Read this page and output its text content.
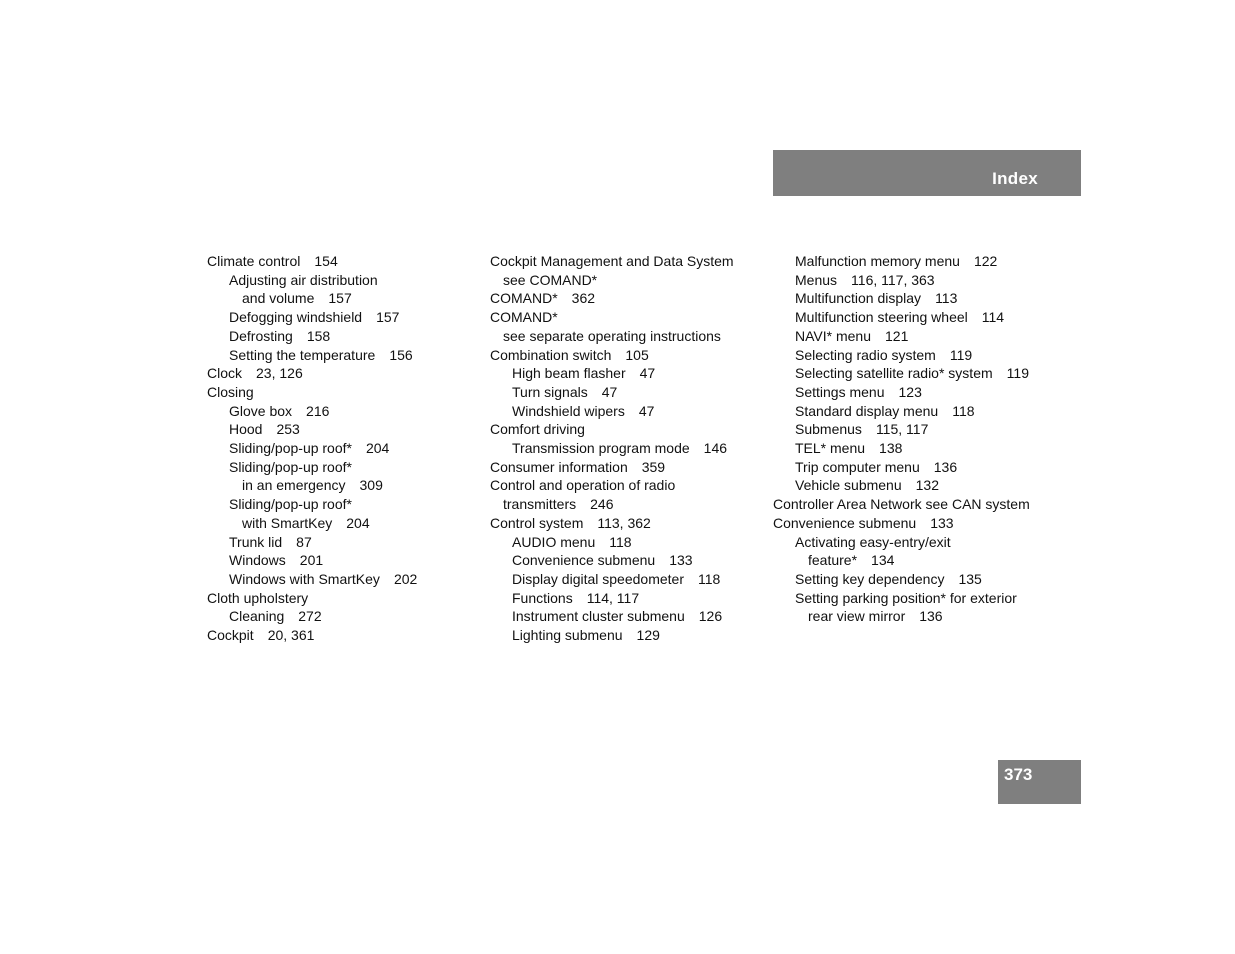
Index
Climate control 154
Adjusting air distribution
and volume 157
Defogging windshield 157
Defrosting 158
Setting the temperature 156
Clock 23, 126
Closing
Glove box 216
Hood 253
Sliding/pop-up roof* 204
Sliding/pop-up roof*
in an emergency 309
Sliding/pop-up roof*
with SmartKey 204
Trunk lid 87
Windows 201
Windows with SmartKey 202
Cloth upholstery
Cleaning 272
Cockpit 20, 361
Cockpit Management and Data System
see COMAND*
COMAND* 362
COMAND*
see separate operating instructions
Combination switch 105
High beam flasher 47
Turn signals 47
Windshield wipers 47
Comfort driving
Transmission program mode 146
Consumer information 359
Control and operation of radio
transmitters 246
Control system 113, 362
AUDIO menu 118
Convenience submenu 133
Display digital speedometer 118
Functions 114, 117
Instrument cluster submenu 126
Lighting submenu 129
Malfunction memory menu 122
Menus 116, 117, 363
Multifunction display 113
Multifunction steering wheel 114
NAVI* menu 121
Selecting radio system 119
Selecting satellite radio* system 119
Settings menu 123
Standard display menu 118
Submenus 115, 117
TEL* menu 138
Trip computer menu 136
Vehicle submenu 132
Controller Area Network see CAN system
Convenience submenu 133
Activating easy-entry/exit
feature* 134
Setting key dependency 135
Setting parking position* for exterior
rear view mirror 136
373
